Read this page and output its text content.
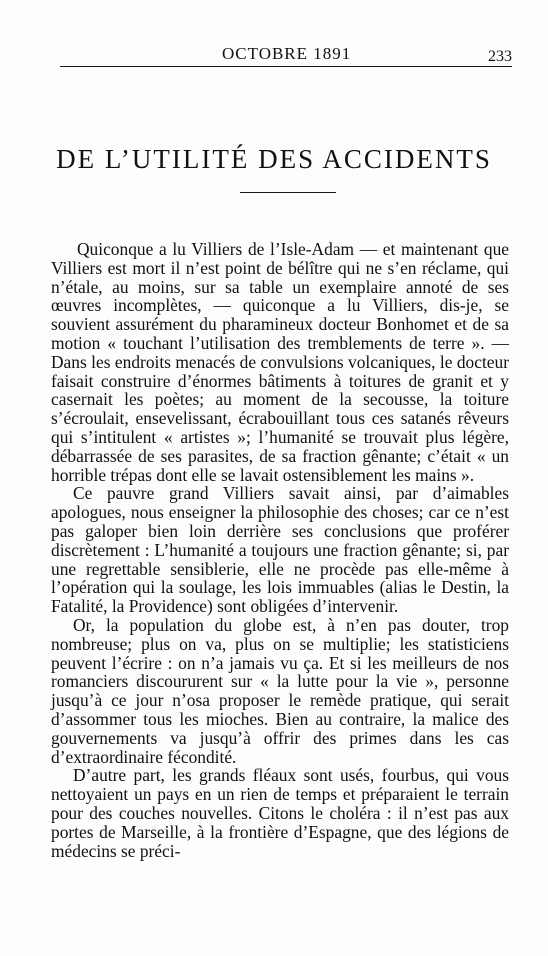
OCTOBRE 1891	233
DE L’UTILITÉ DES ACCIDENTS

Quiconque a lu Villiers de l’Isle-Adam — et maintenant que Villiers est mort il n’est point de bélître qui ne s’en réclame, qui n’étale, au moins, sur sa table un exemplaire annoté de ses œuvres incomplètes, — quiconque a lu Villiers, dis-je, se souvient assurément du pharamineux docteur Bonhomet et de sa motion « touchant l’utilisation des tremblements de terre ». — Dans les endroits menacés de convulsions volcaniques, le docteur faisait construire d’énormes bâtiments à toitures de granit et y casernait les poètes; au moment de la secousse, la toiture s’écroulait, ensevelissant, écrabouillant tous ces satanés rêveurs qui s’intitulent « artistes »; l’humanité se trouvait plus légère, débarrassée de ses parasites, de sa fraction gênante; c’était « un horrible trépas dont elle se lavait ostensiblement les mains ».

Ce pauvre grand Villiers savait ainsi, par d’aimables apologues, nous enseigner la philosophie des choses; car ce n’est pas galoper bien loin derrière ses conclusions que proférer discrètement : L’humanité a toujours une fraction gênante; si, par une regrettable sensiblerie, elle ne procède pas elle-même à l’opération qui la soulage, les lois immuables (alias le Destin, la Fatalité, la Providence) sont obligées d’intervenir.

Or, la population du globe est, à n’en pas douter, trop nombreuse; plus on va, plus on se multiplie; les statisticiens peuvent l’écrire : on n’a jamais vu ça. Et si les meilleurs de nos romanciers discoururent sur « la lutte pour la vie », personne jusqu’à ce jour n’osa proposer le remède pratique, qui serait d’assommer tous les mioches. Bien au contraire, la malice des gouvernements va jusqu’à offrir des primes dans les cas d’extraordinaire fécondité.

D’autre part, les grands fléaux sont usés, fourbus, qui vous nettoyaient un pays en un rien de temps et préparaient le terrain pour des couches nouvelles. Citons le choléra : il n’est pas aux portes de Marseille, à la frontière d’Espagne, que des légions de médecins se préci-
